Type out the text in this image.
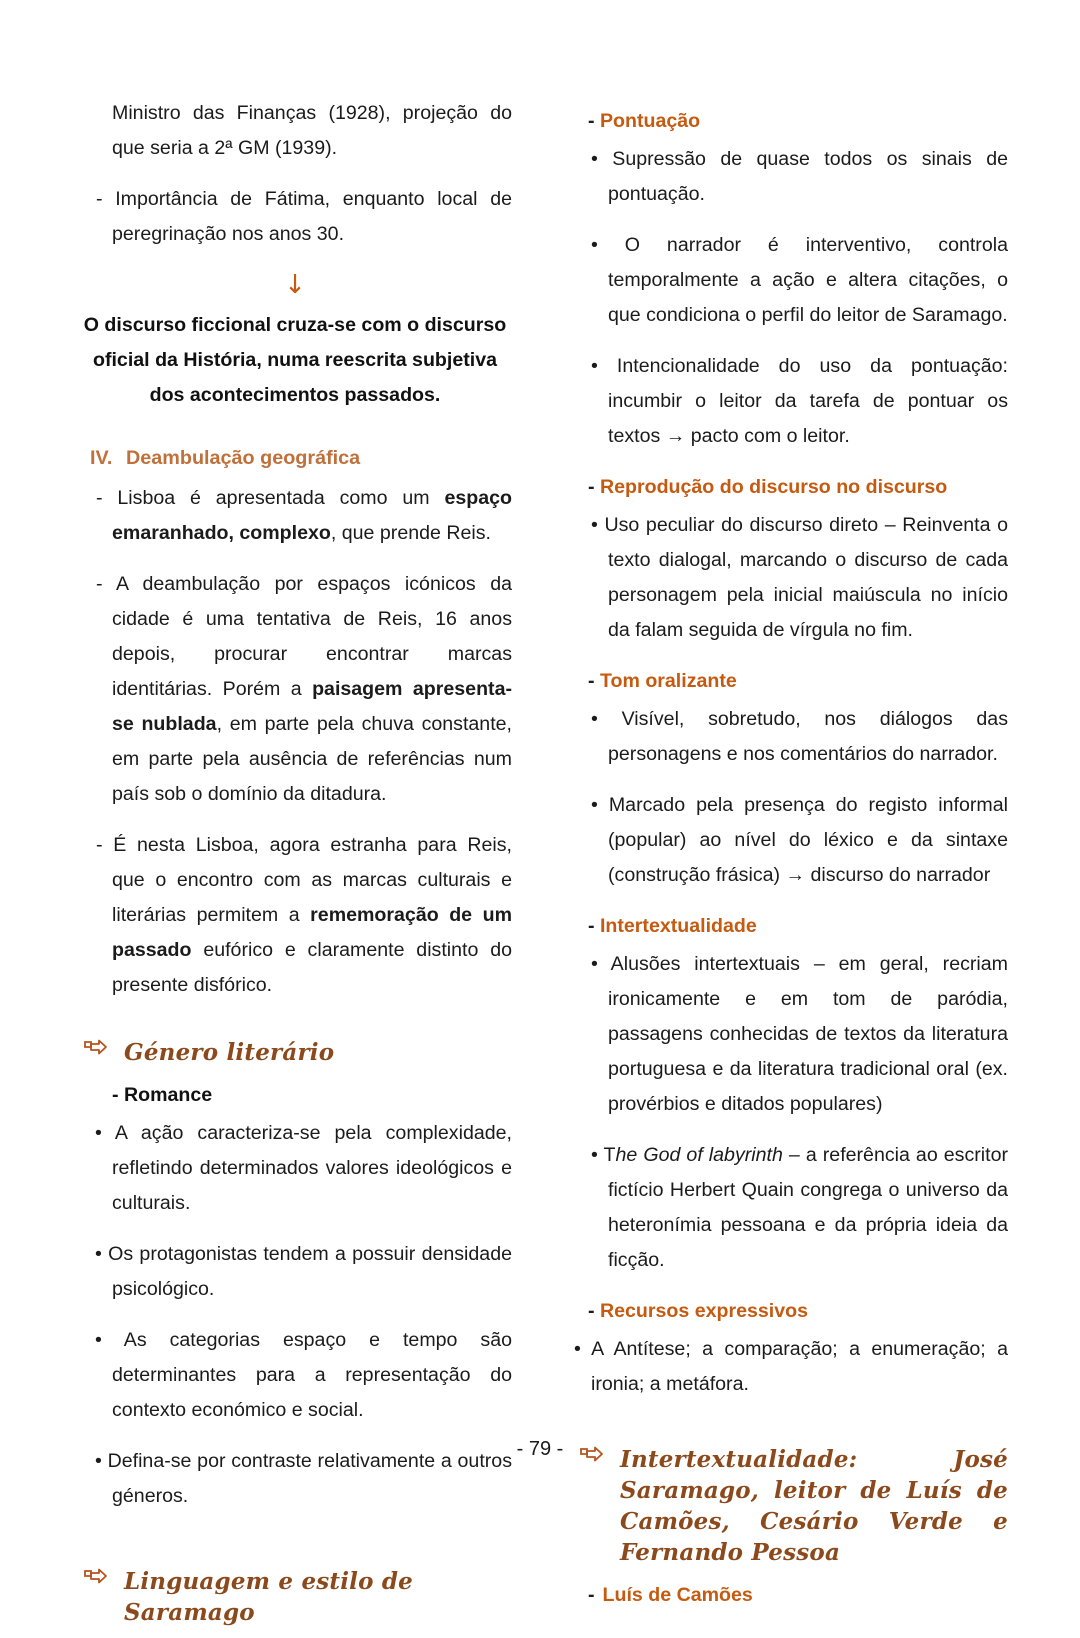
Ministro das Finanças (1928), projeção do que seria a 2ª GM (1939).

- Importância de Fátima, enquanto local de peregrinação nos anos 30.

↓
O discurso ficcional cruza-se com o discurso oficial da História, numa reescrita subjetiva dos acontecimentos passados.
IV. Deambulação geográfica

- Lisboa é apresentada como um espaço emaranhado, complexo, que prende Reis.

- A deambulação por espaços icónicos da cidade é uma tentativa de Reis, 16 anos depois, procurar encontrar marcas identitárias. Porém a paisagem apresenta-se nublada, em parte pela chuva constante, em parte pela ausência de referências num país sob o domínio da ditadura.

- É nesta Lisboa, agora estranha para Reis, que o encontro com as marcas culturais e literárias permitem a rememoração de um passado eufórico e claramente distinto do presente disfórico.

Género literário
- Romance

• A ação caracteriza-se pela complexidade, refletindo determinados valores ideológicos e culturais.

• Os protagonistas tendem a possuir densidade psicológico.

• As categorias espaço e tempo são determinantes para a representação do contexto económico e social.

• Defina-se por contraste relativamente a outros géneros.

Linguagem e estilo de Saramago
- Pontuação

• Supressão de quase todos os sinais de pontuação.

• O narrador é interventivo, controla temporalmente a ação e altera citações, o que condiciona o perfil do leitor de Saramago.

• Intencionalidade do uso da pontuação: incumbir o leitor da tarefa de pontuar os textos → pacto com o leitor.

- Reprodução do discurso no discurso

• Uso peculiar do discurso direto – Reinventa o texto dialogal, marcando o discurso de cada personagem pela inicial maiúscula no início da falam seguida de vírgula no fim.

- Tom oralizante

• Visível, sobretudo, nos diálogos das personagens e nos comentários do narrador.

• Marcado pela presença do registo informal (popular) ao nível do léxico e da sintaxe (construção frásica) → discurso do narrador

- Intertextualidade

• Alusões intertextuais – em geral, recriam ironicamente e em tom de paródia, passagens conhecidas de textos da literatura portuguesa e da literatura tradicional oral (ex. provérbios e ditados populares)

• The God of labyrinth – a referência ao escritor fictício Herbert Quain congrega o universo da heteronímia pessoana e da própria ideia da ficção.

- Recursos expressivos

• A Antítese; a comparação; a enumeração; a ironia; a metáfora.

Intertextualidade: José Saramago, leitor de Luís de Camões, Cesário Verde e Fernando Pessoa
- Luís de Camões
- 79 -
